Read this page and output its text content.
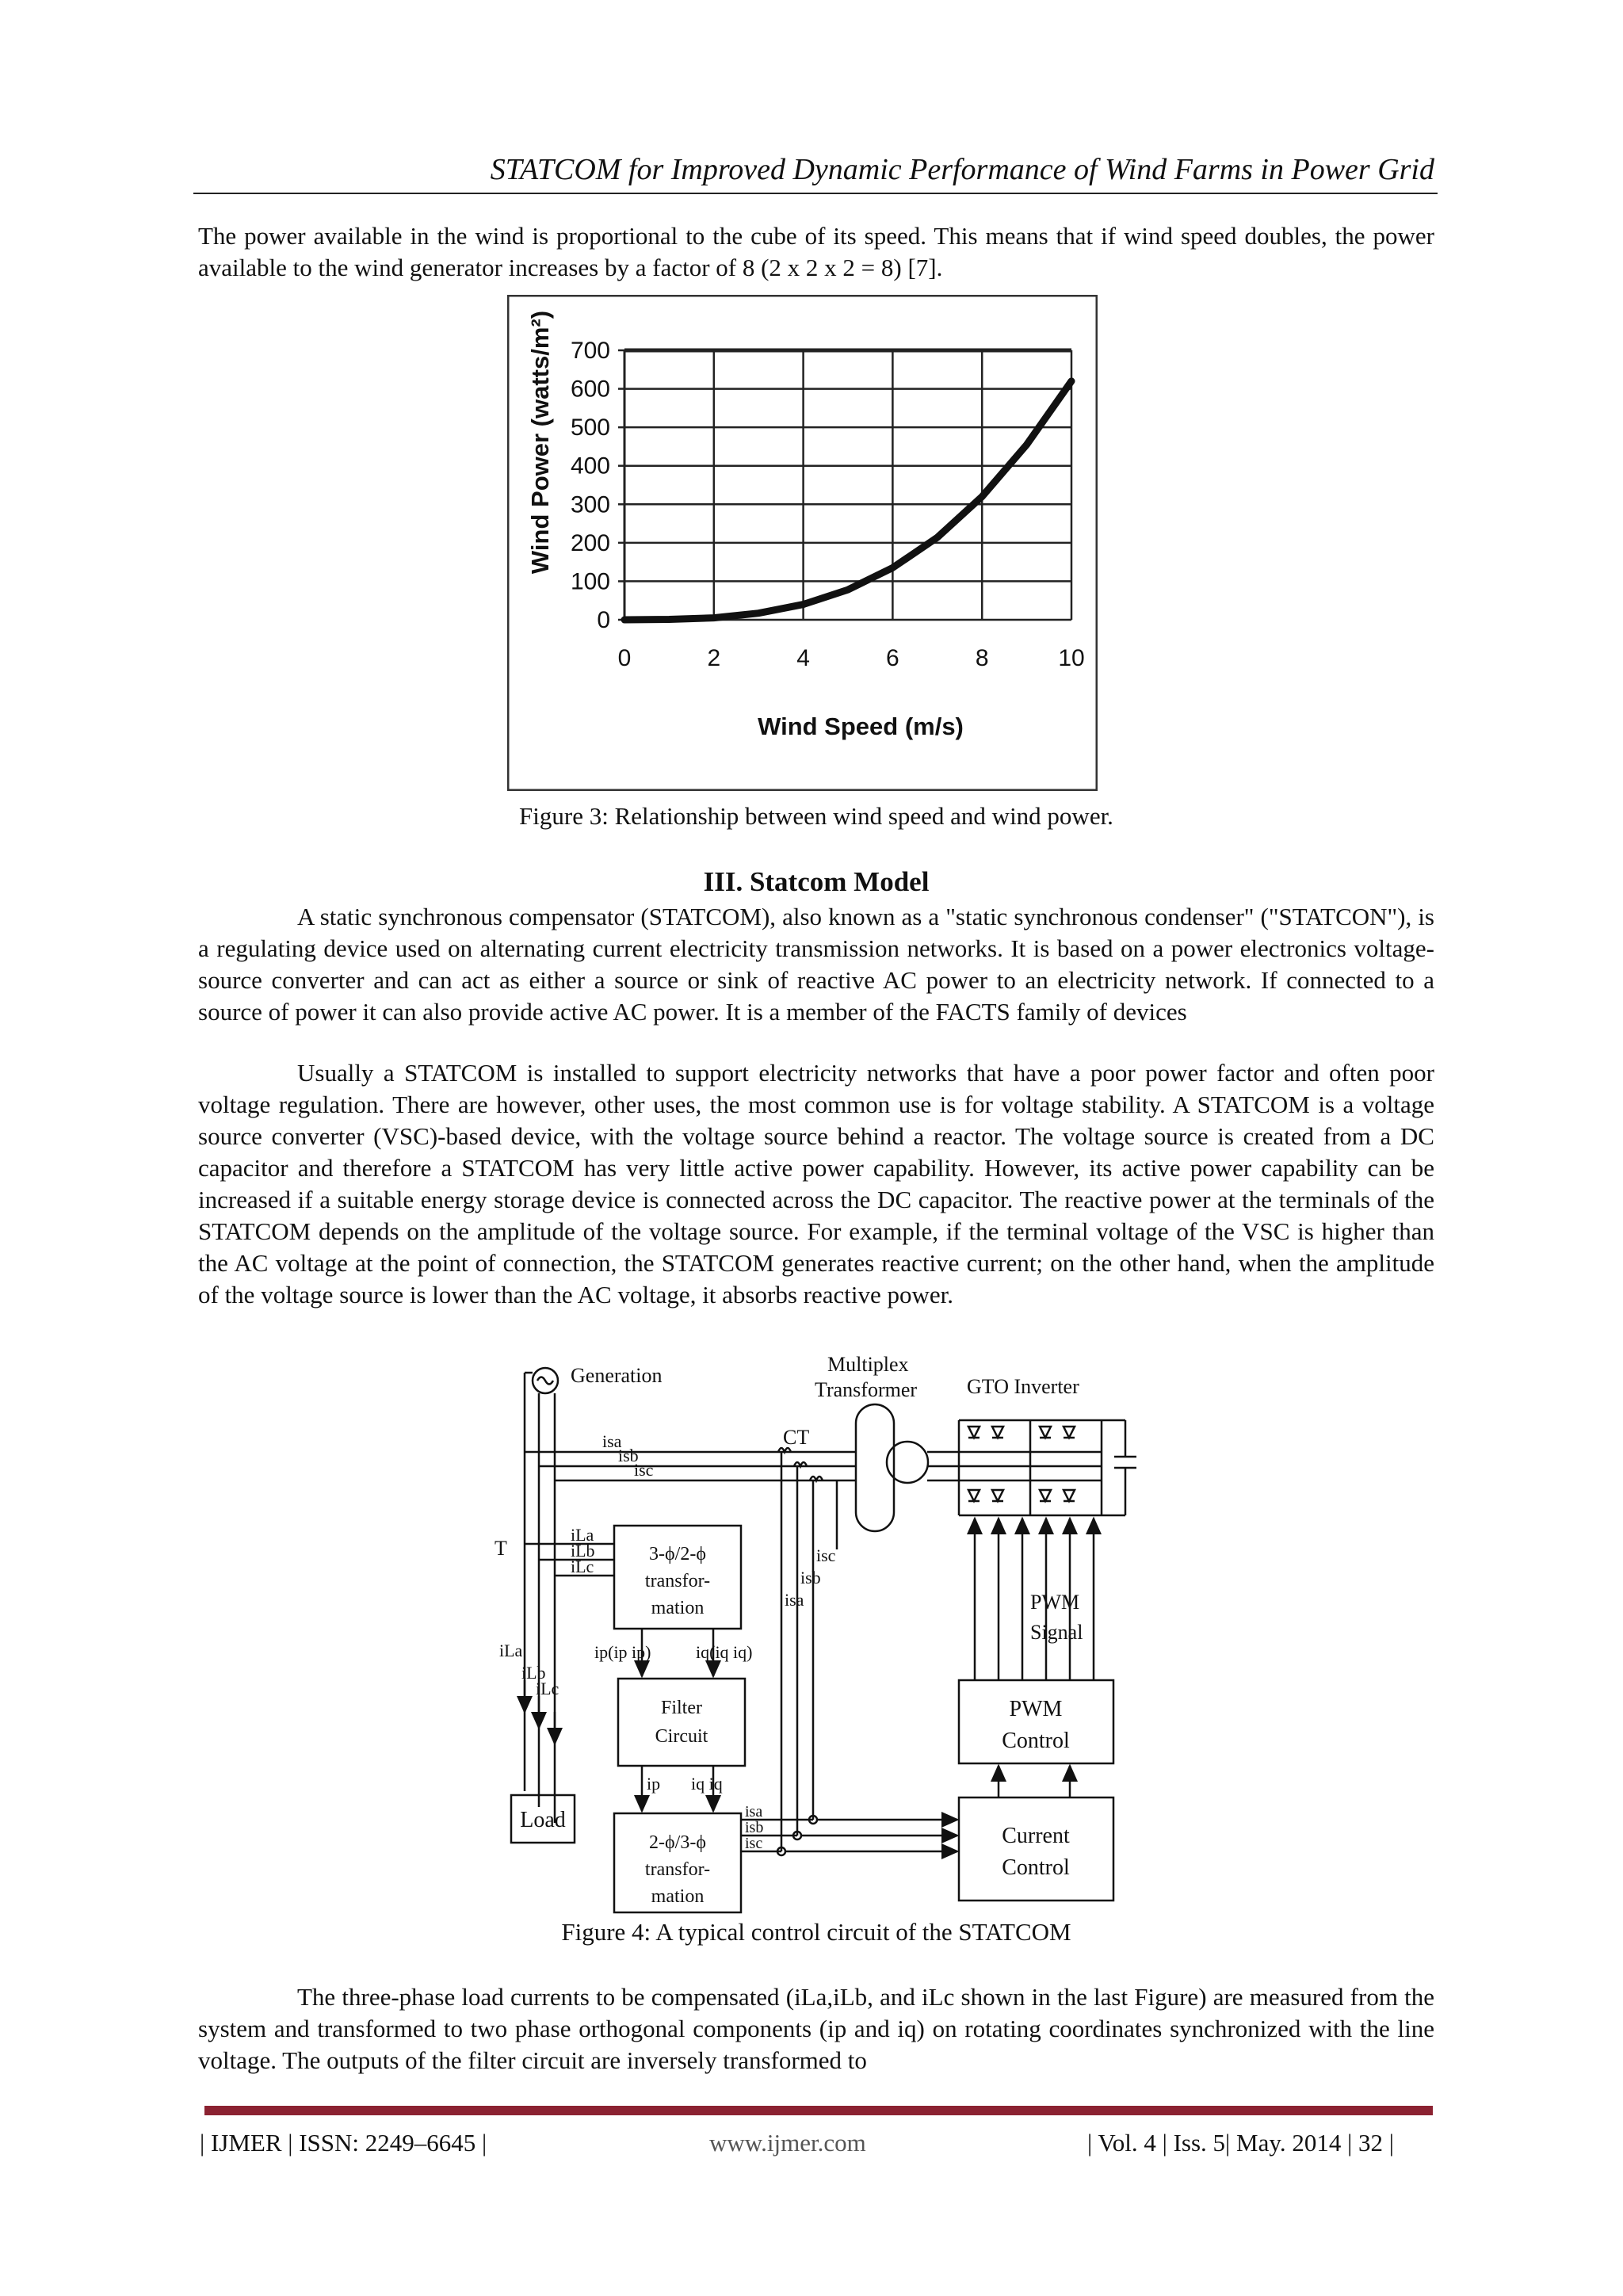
STATCOM for Improved Dynamic Performance of Wind Farms in Power Grid
The power available in the wind is proportional to the cube of its speed. This means that if wind speed doubles, the power available to the wind generator increases by a factor of 8 (2 x 2 x 2 = 8) [7].
0
100
200
300
400
500
600
700
0	2	4	6	8	10
Wind Power (watts/m²)
Wind Speed (m/s)
Figure 3: Relationship between wind speed and wind power.
III. Statcom Model
A static synchronous compensator (STATCOM), also known as a "static synchronous condenser" ("STATCON"), is a regulating device used on alternating current electricity transmission networks. It is based on a power electronics voltage-source converter and can act as either a source or sink of reactive AC power to an electricity network. If connected to a source of power it can also provide active AC power. It is a member of the FACTS family of devices
Usually a STATCOM is installed to support electricity networks that have a poor power factor and often poor voltage regulation. There are however, other uses, the most common use is for voltage stability. A STATCOM is a voltage source converter (VSC)-based device, with the voltage source behind a reactor. The voltage source is created from a DC capacitor and therefore a STATCOM has very little active power capability. However, its active power capability can be increased if a suitable energy storage device is connected across the DC capacitor. The reactive power at the terminals of the STATCOM depends on the amplitude of the voltage source. For example, if the terminal voltage of the VSC is higher than the AC voltage at the point of connection, the STATCOM generates reactive current; on the other hand, when the amplitude of the voltage source is lower than the AC voltage, it absorbs reactive power.
Generation	Multiplex
Transformer GTO Inverter
CT
isa
isb
isc
T
iLa
iLb
iLc
3-ϕ/2-ϕ
transfor-
mation
ip(ip ip)	iq(iq iq)
Filter
Circuit
ip iq iq
2-ϕ/3-ϕ
transfor-
mation
isa
isb
isc
isc
isb
isa	PWM
Signal
PWM
Control
Current
Control
Load
iLa
iLb
iLc
Figure 4: A typical control circuit of the STATCOM
The three-phase load currents to be compensated (iLa,iLb, and iLc shown in the last Figure) are measured from the system and transformed to two phase orthogonal components (ip and iq) on rotating coordinates synchronized with the line voltage. The outputs of the filter circuit are inversely transformed to
| IJMER | ISSN: 2249–6645 |	www.ijmer.com	| Vol. 4 | Iss. 5| May. 2014 | 32 |
